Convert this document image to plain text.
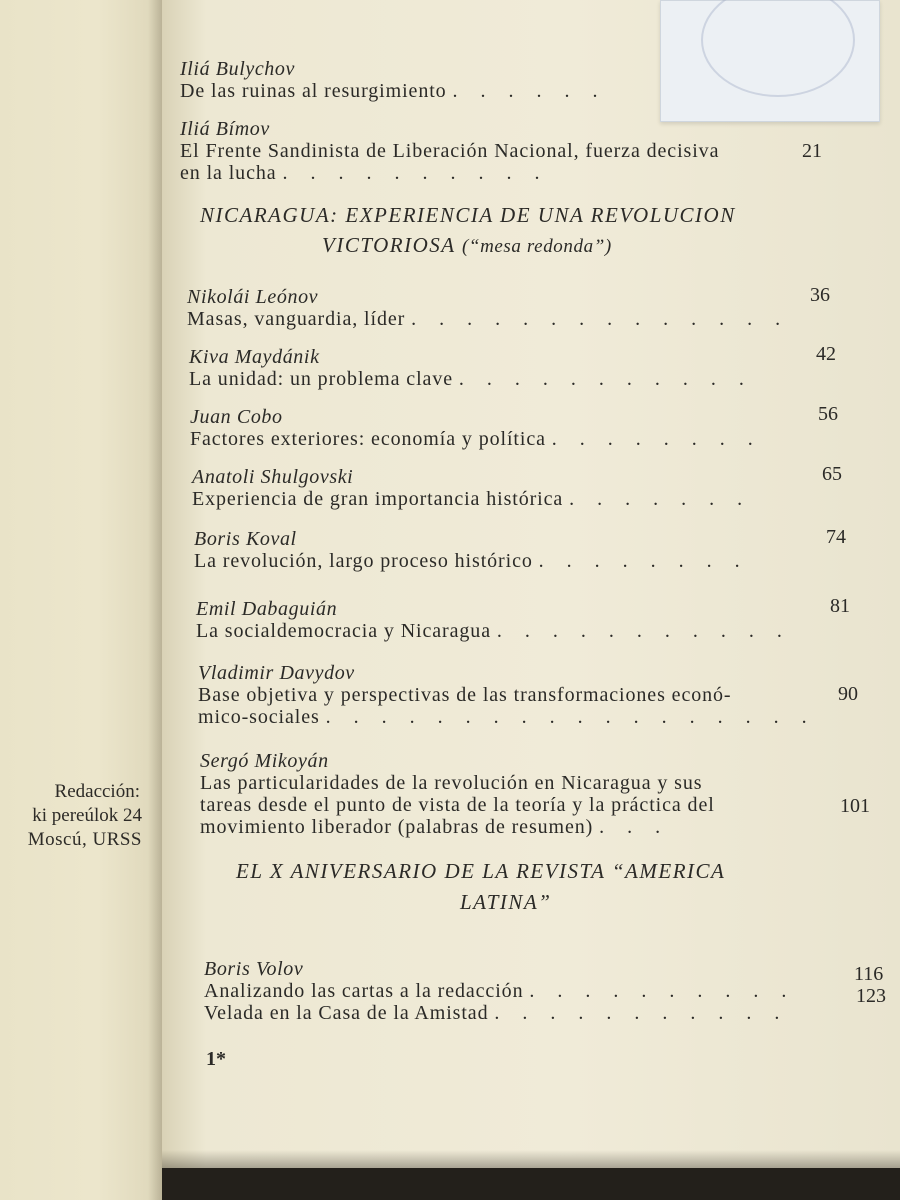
Redacción:
ki pereúlok 24
Moscú, URSS
Iliá Bulychov
De las ruinas al resurgimiento . . . . . .
Iliá Bímov
El Frente Sandinista de Liberación Nacional, fuerza decisiva
en la lucha . . . . . . . . . .
21
NICARAGUA: EXPERIENCIA DE UNA REVOLUCION
VICTORIOSA (“mesa redonda”)
Nikolái Leónov
Masas, vanguardia, líder . . . . . . . . . . . . . .
36
Kiva Maydánik
La unidad: un problema clave . . . . . . . . . . .
42
Juan Cobo
Factores exteriores: economía y política . . . . . . . .
56
Anatoli Shulgovski
Experiencia de gran importancia histórica . . . . . . .
65
Boris Koval
La revolución, largo proceso histórico . . . . . . . .
74
Emil Dabaguián
La socialdemocracia y Nicaragua . . . . . . . . . . .
81
Vladimir Davydov
Base objetiva y perspectivas de las transformaciones econó-
mico-sociales . . . . . . . . . . . . . . . . . .
90
Sergó Mikoyán
Las particularidades de la revolución en Nicaragua y sus
tareas desde el punto de vista de la teoría y la práctica del
movimiento liberador (palabras de resumen) . . .
101
EL X ANIVERSARIO DE LA REVISTA “AMERICA
LATINA”
Boris Volov
Analizando las cartas a la redacción . . . . . . . . . .
Velada en la Casa de la Amistad . . . . . . . . . . .
116
123
1*
